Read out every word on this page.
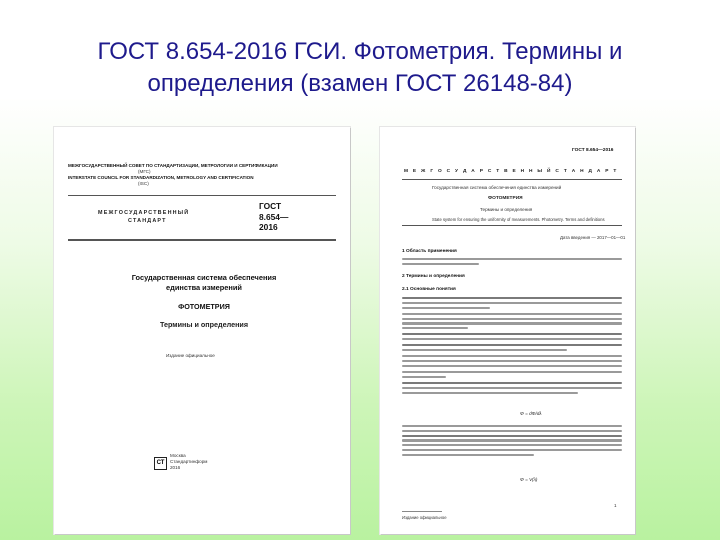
ГОСТ 8.654-2016 ГСИ. Фотометрия. Термины и
определения (взамен ГОСТ 26148-84)
МЕЖГОСУДАРСТВЕННЫЙ СОВЕТ ПО СТАНДАРТИЗАЦИИ, МЕТРОЛОГИИ И СЕРТИФИКАЦИИ
(МГС)
INTERSTATE COUNCIL FOR STANDARDIZATION, METROLOGY AND CERTIFICATION
(ISC)
МЕЖГОСУДАРСТВЕННЫЙ
СТАНДАРТ
ГОСТ
8.654—
2016
Государственная система обеспечения
единства измерений
ФОТОМЕТРИЯ
Термины и определения
Издание официальное
СТ
Москва
Стандартинформ
2016
ГОСТ 8.654—2016
М Е Ж Г О С У Д А Р С Т В Е Н Н Ы Й С Т А Н Д А Р Т
Государственная система обеспечения единства измерений
ФОТОМЕТРИЯ
Термины и определения
State system for ensuring the uniformity of measurements. Photometry. Terms and definitions
Дата введения — 2017—01—01
1 Область применения
2 Термины и определения
2.1 Основные понятия
Φ = dΦ/dλ
Φ = V(λ)
1
Издание официальное
